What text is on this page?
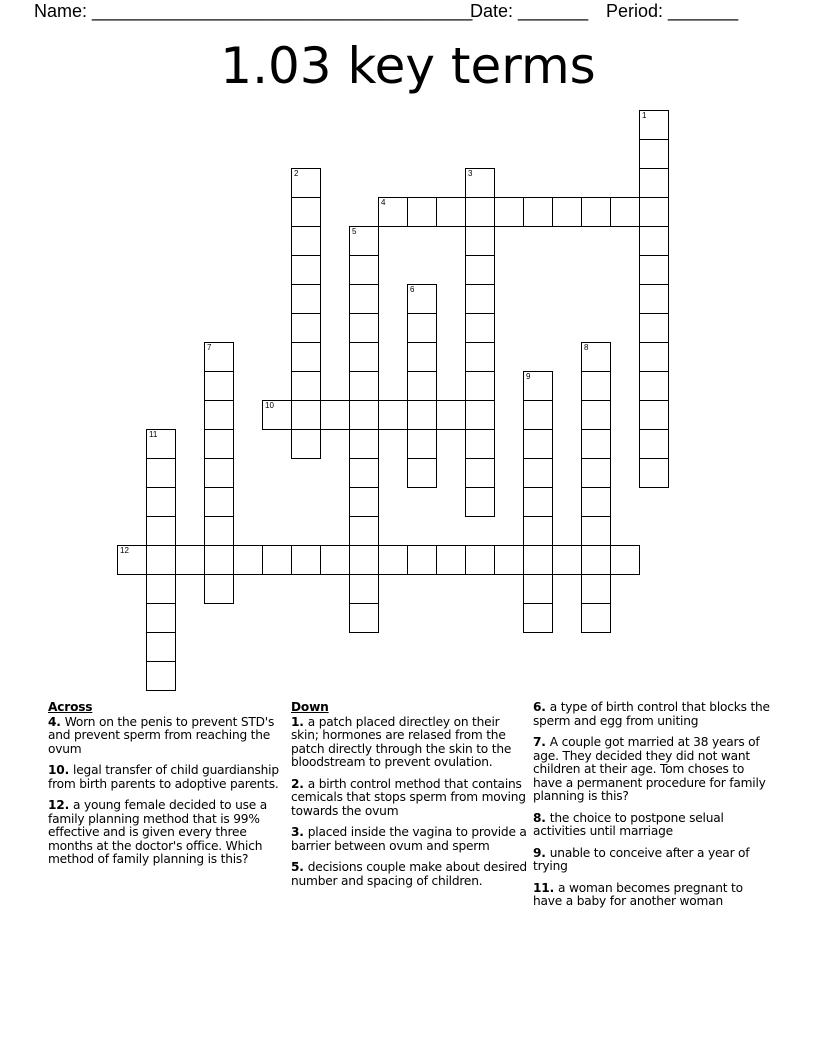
Name: ______________________________________
Date: _______ Period: _______
1.03 key terms
1
2	3
4
5
6
7	8
9
10
11
12
Across
4. Worn on the penis to prevent STD's and prevent sperm from reaching the ovum
10. legal transfer of child guardianship from birth parents to adoptive parents.
12. a young female decided to use a family planning method that is 99% effective and is given every three months at the doctor's office. Which method of family planning is this?
Down
1. a patch placed directley on their skin; hormones are relased from the patch directly through the skin to the bloodstream to prevent ovulation.
2. a birth control method that contains cemicals that stops sperm from moving towards the ovum
3. placed inside the vagina to provide a barrier between ovum and sperm
5. decisions couple make about desired number and spacing of children.
6. a type of birth control that blocks the sperm and egg from uniting
7. A couple got married at 38 years of age. They decided they did not want children at their age. Tom choses to have a permanent procedure for family planning is this?
8. the choice to postpone selual activities until marriage
9. unable to conceive after a year of trying
11. a woman becomes pregnant to have a baby for another woman
